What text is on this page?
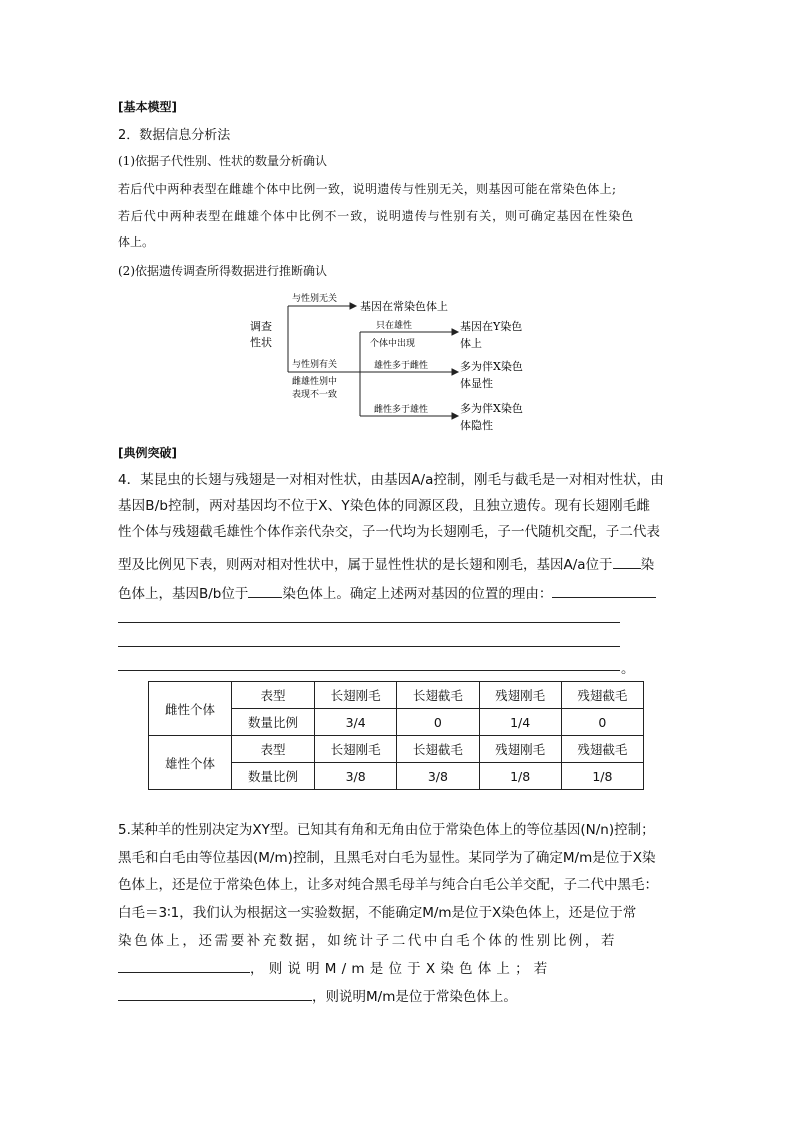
[基本模型]
2．数据信息分析法
(1)依据子代性别、性状的数量分析确认
若后代中两种表型在雌雄个体中比例一致，说明遗传与性别无关，则基因可能在常染色体上;
若后代中两种表型在雌雄个体中比例不一致，说明遗传与性别有关，则可确定基因在性染色
体上。
(2)依据遗传调查所得数据进行推断确认
调查
性状
与性别无关
基因在常染色体上
与性别有关
雌雄性别中
表现不一致
只在雄性
个体中出现
基因在Y染色
体上
雄性多于雌性	多为伴X染色
体显性
雌性多于雄性	多为伴X染色
体隐性
[典例突破]
4．某昆虫的长翅与残翅是一对相对性状，由基因A/a控制，刚毛与截毛是一对相对性状，由
基因B/b控制，两对基因均不位于X、Y染色体的同源区段，且独立遗传。现有长翅刚毛雌
性个体与残翅截毛雄性个体作亲代杂交，子一代均为长翅刚毛，子一代随机交配，子二代表
型及比例见下表，则两对相对性状中，属于显性性状的是长翅和刚毛，基因A/a位于 染
色体上，基因B/b位于	染色体上。确定上述两对基因的位置的理由：
。
雌性个体	表型	长翅刚毛	长翅截毛	残翅刚毛	残翅截毛
	数量比例	3/4	0	1/4	0
雄性个体	表型	长翅刚毛	长翅截毛	残翅刚毛	残翅截毛
	数量比例	3/8	3/8	1/8	1/8
5.某种羊的性别决定为XY型。已知其有角和无角由位于常染色体上的等位基因(N/n)控制；
黑毛和白毛由等位基因(M/m)控制，且黑毛对白毛为显性。某同学为了确定M/m是位于X染
色体上，还是位于常染色体上，让多对纯合黑毛母羊与纯合白毛公羊交配，子二代中黑毛：
白毛＝3∶1，我们认为根据这一实验数据，不能确定M/m是位于X染色体上，还是位于常
染色体上，还需要补充数据，如统计子二代中白毛个体的性别比例，若
，则说明M/m是位于X染色体上；若
，则说明M/m是位于常染色体上。
